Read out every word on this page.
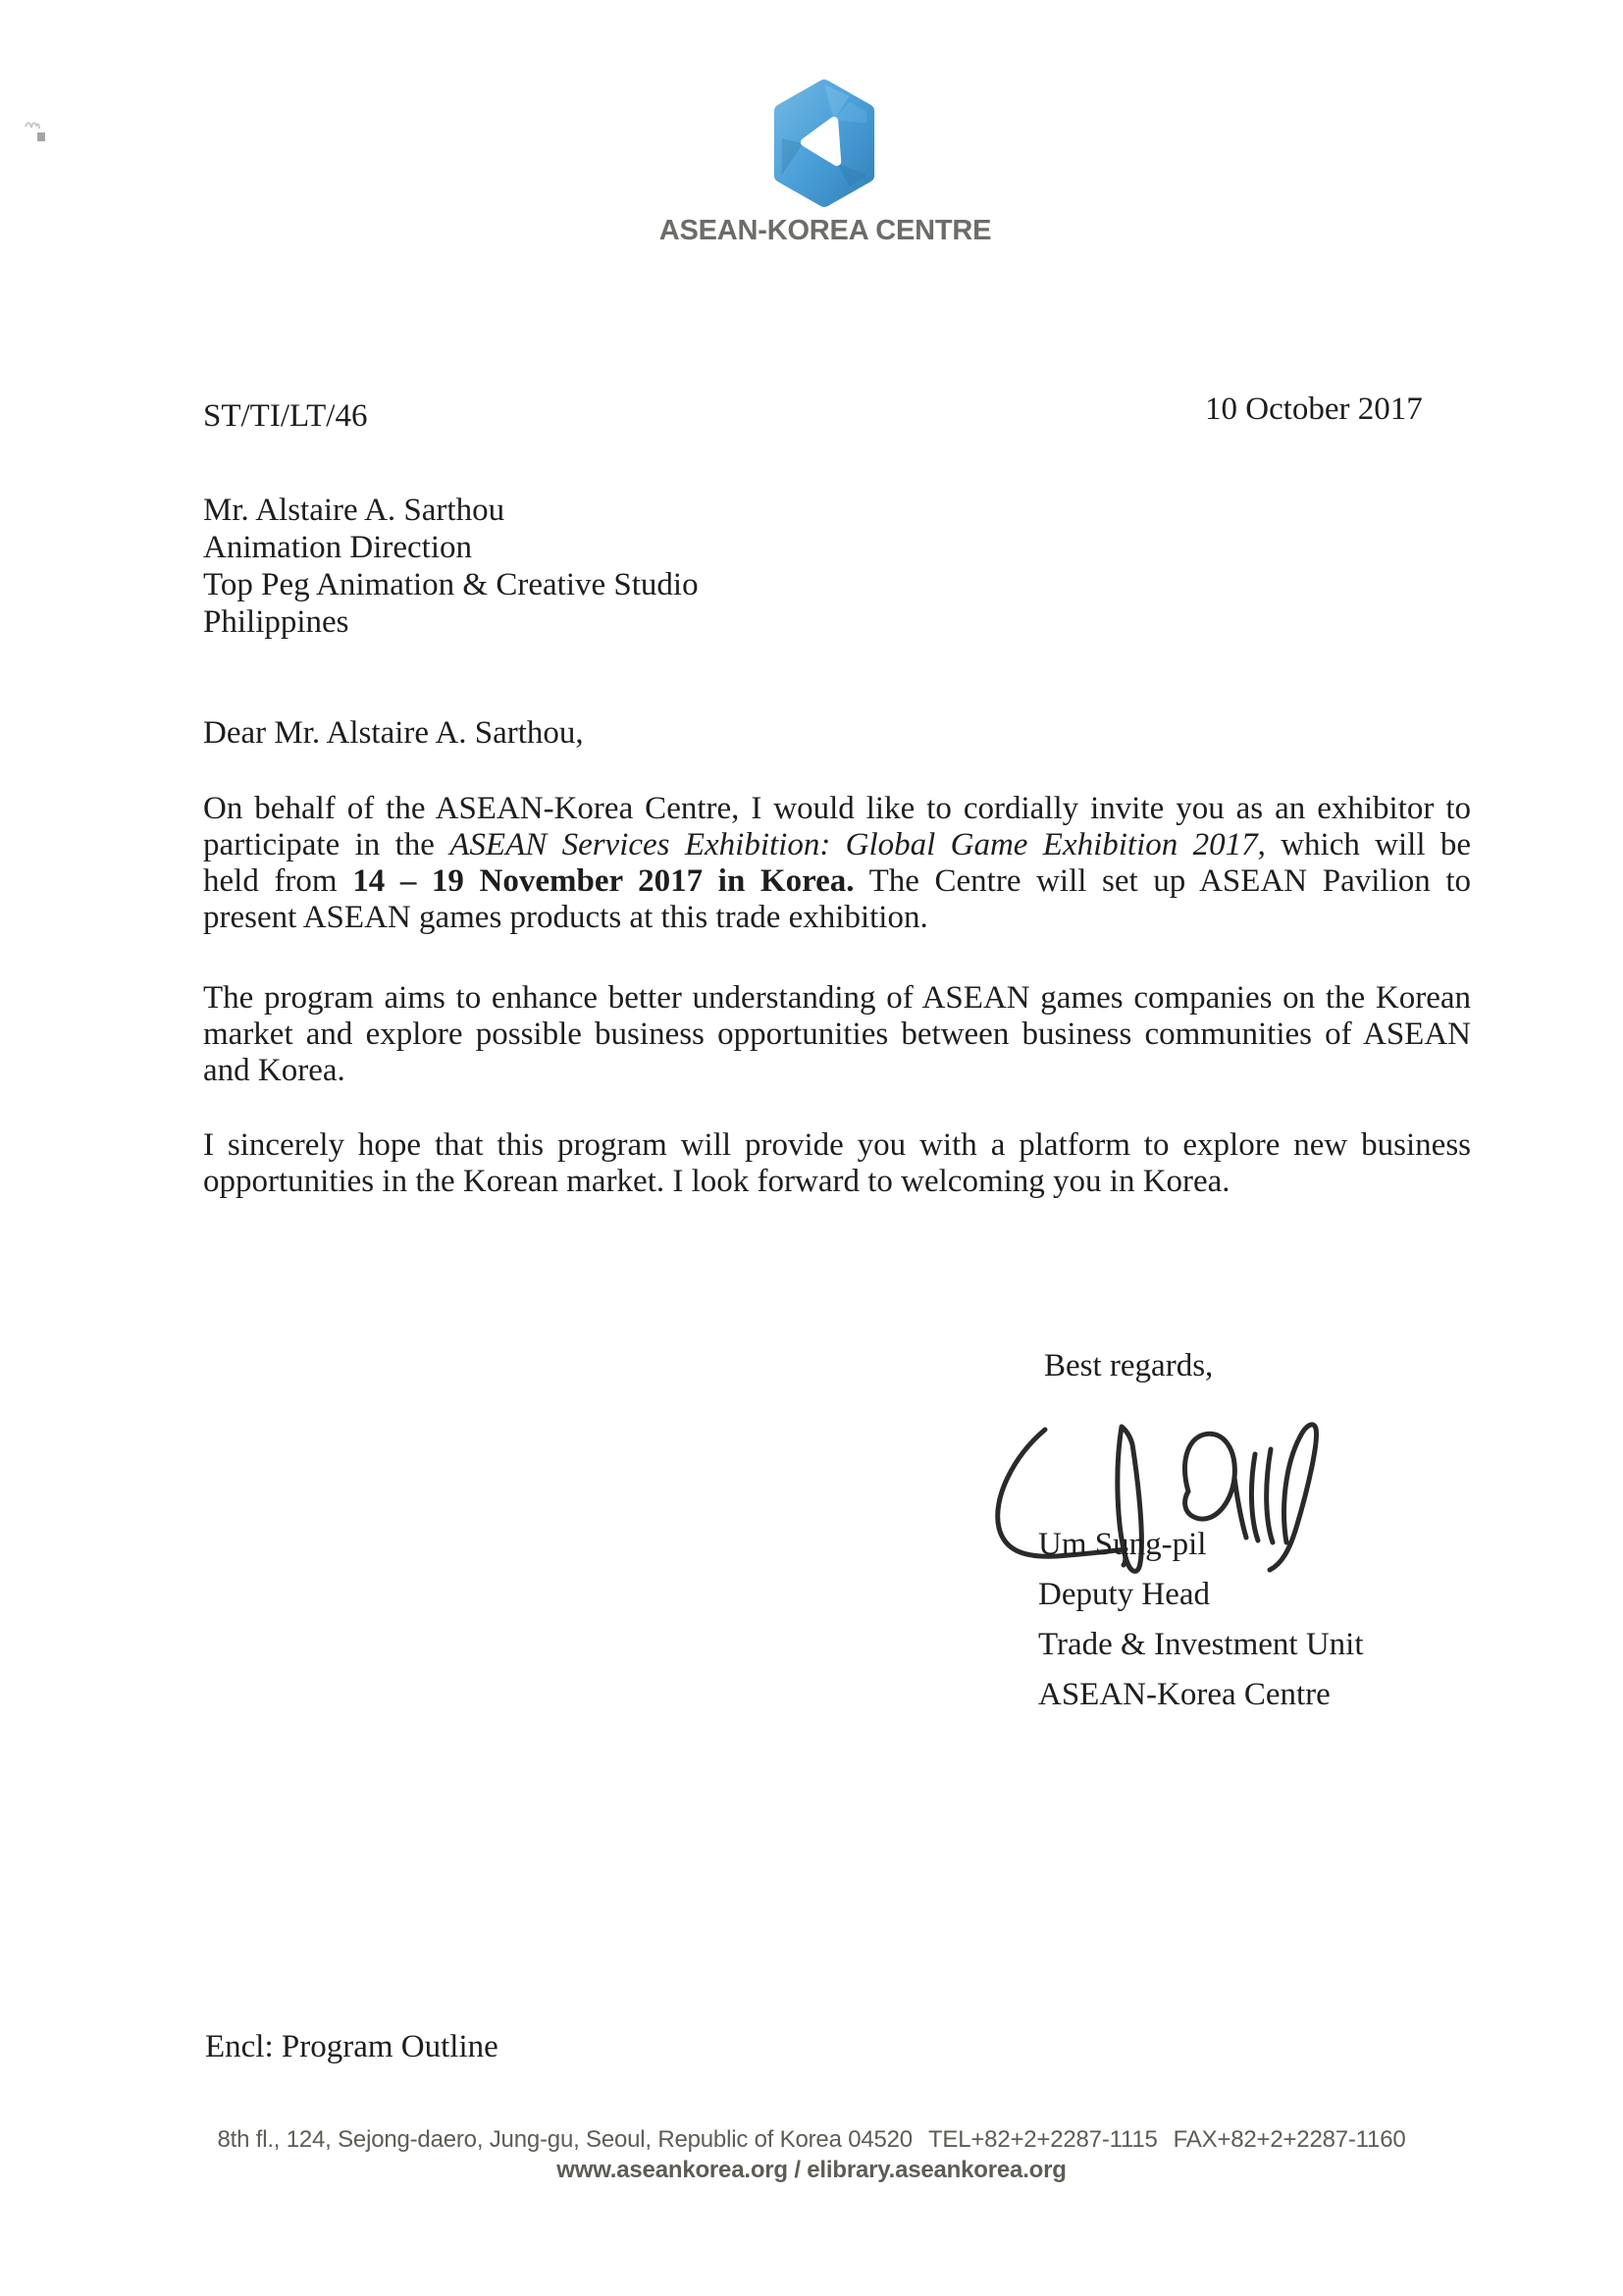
ASEAN-KOREA CENTRE
ST/TI/LT/46	10 October 2017
Mr. Alstaire A. Sarthou
Animation Direction
Top Peg Animation & Creative Studio
Philippines
Dear Mr. Alstaire A. Sarthou,
On behalf of the ASEAN-Korea Centre, I would like to cordially invite you as an exhibitor to
participate in the ASEAN Services Exhibition: Global Game Exhibition 2017, which will be
held from 14 – 19 November 2017 in Korea. The Centre will set up ASEAN Pavilion to
present ASEAN games products at this trade exhibition.
The program aims to enhance better understanding of ASEAN games companies on the Korean
market and explore possible business opportunities between business communities of ASEAN
and Korea.
I sincerely hope that this program will provide you with a platform to explore new business
opportunities in the Korean market. I look forward to welcoming you in Korea.
Best regards,
Um Sung-pil
Deputy Head
Trade & Investment Unit
ASEAN-Korea Centre
Encl: Program Outline
8th fl., 124, Sejong-daero, Jung-gu, Seoul, Republic of Korea 04520 TEL+82+2+2287-1115 FAX+82+2+2287-1160
www.aseankorea.org / elibrary.aseankorea.org
